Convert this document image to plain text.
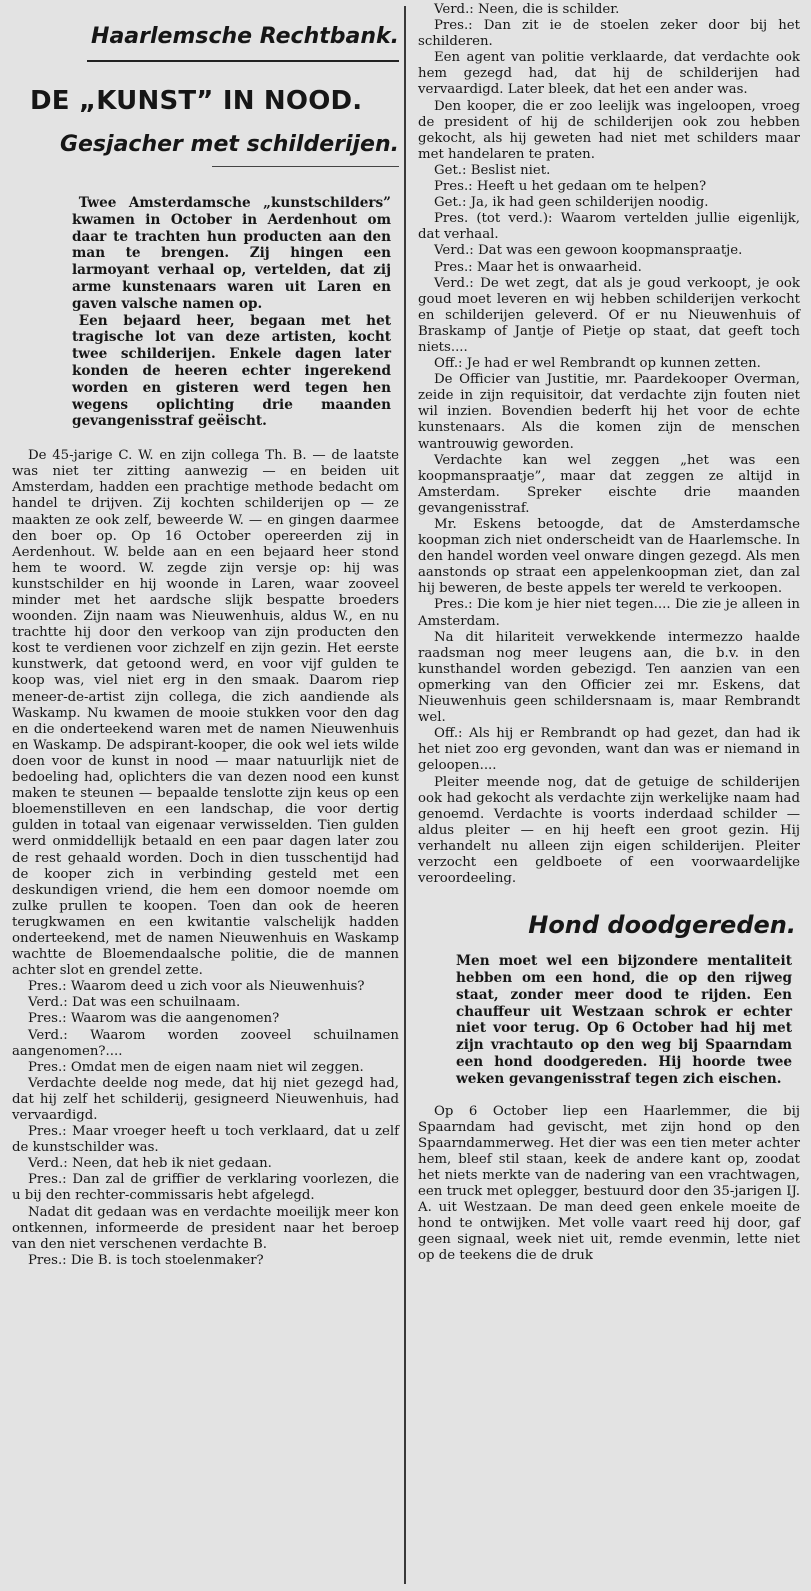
Haarlemsche Rechtbank.
DE „KUNST” IN NOOD.
Gesjacher met schilderijen.

Twee Amsterdamsche „kunstschilders” kwamen in October in Aerdenhout om daar te trachten hun producten aan den man te brengen. Zij hingen een larmoyant verhaal op, vertelden, dat zij arme kunstenaars waren uit Laren en gaven valsche namen op.

Een bejaard heer, begaan met het tragische lot van deze artisten, kocht twee schilderijen. Enkele dagen later konden de heeren echter ingerekend worden en gisteren werd tegen hen wegens oplichting drie maanden gevangenisstraf geëischt.

De 45-jarige C. W. en zijn collega Th. B. — de laatste was niet ter zitting aanwezig — en beiden uit Amsterdam, hadden een prachtige methode bedacht om handel te drijven. Zij kochten schilderijen op — ze maakten ze ook zelf, beweerde W. — en gingen daarmee den boer op. Op 16 October opereerden zij in Aerdenhout. W. belde aan en een bejaard heer stond hem te woord. W. zegde zijn versje op: hij was kunstschilder en hij woonde in Laren, waar zooveel minder met het aardsche slijk bespatte broeders woonden. Zijn naam was Nieuwenhuis, aldus W., en nu trachtte hij door den verkoop van zijn producten den kost te verdienen voor zichzelf en zijn gezin. Het eerste kunstwerk, dat getoond werd, en voor vijf gulden te koop was, viel niet erg in den smaak. Daarom riep meneer-de-artist zijn collega, die zich aandiende als Waskamp. Nu kwamen de mooie stukken voor den dag en die onderteekend waren met de namen Nieuwenhuis en Waskamp. De adspirant-kooper, die ook wel iets wilde doen voor de kunst in nood — maar natuurlijk niet de bedoeling had, oplichters die van dezen nood een kunst maken te steunen — bepaalde tenslotte zijn keus op een bloemenstilleven en een landschap, die voor dertig gulden in totaal van eigenaar verwisselden. Tien gulden werd onmiddellijk betaald en een paar dagen later zou de rest gehaald worden. Doch in dien tusschentijd had de kooper zich in verbinding gesteld met een deskundigen vriend, die hem een domoor noemde om zulke prullen te koopen. Toen dan ook de heeren terugkwamen en een kwitantie valschelijk hadden onderteekend, met de namen Nieuwenhuis en Waskamp wachtte de Bloemendaalsche politie, die de mannen achter slot en grendel zette.

Pres.: Waarom deed u zich voor als Nieuwenhuis?

Verd.: Dat was een schuilnaam.

Pres.: Waarom was die aangenomen?

Verd.: Waarom worden zooveel schuilnamen aangenomen?....

Pres.: Omdat men de eigen naam niet wil zeggen.

Verdachte deelde nog mede, dat hij niet gezegd had, dat hij zelf het schilderij, gesigneerd Nieuwenhuis, had vervaardigd.

Pres.: Maar vroeger heeft u toch verklaard, dat u zelf de kunstschilder was.

Verd.: Neen, dat heb ik niet gedaan.

Pres.: Dan zal de griffier de verklaring voorlezen, die u bij den rechter-commissaris hebt afgelegd.

Nadat dit gedaan was en verdachte moeilijk meer kon ontkennen, informeerde de president naar het beroep van den niet verschenen verdachte B.

Pres.: Die B. is toch stoelenmaker?

Verd.: Neen, die is schilder.

Pres.: Dan zit ie de stoelen zeker door bij het schilderen.

Een agent van politie verklaarde, dat verdachte ook hem gezegd had, dat hij de schilderijen had vervaardigd. Later bleek, dat het een ander was.

Den kooper, die er zoo leelijk was ingeloopen, vroeg de president of hij de schilderijen ook zou hebben gekocht, als hij geweten had niet met schilders maar met handelaren te praten.

Get.: Beslist niet.

Pres.: Heeft u het gedaan om te helpen?

Get.: Ja, ik had geen schilderijen noodig.

Pres. (tot verd.): Waarom vertelden jullie eigenlijk, dat verhaal.

Verd.: Dat was een gewoon koopmanspraatje.

Pres.: Maar het is onwaarheid.

Verd.: De wet zegt, dat als je goud verkoopt, je ook goud moet leveren en wij hebben schilderijen verkocht en schilderijen geleverd. Of er nu Nieuwenhuis of Braskamp of Jantje of Pietje op staat, dat geeft toch niets....

Off.: Je had er wel Rembrandt op kunnen zetten.

De Officier van Justitie, mr. Paardekooper Overman, zeide in zijn requisitoir, dat verdachte zijn fouten niet wil inzien. Bovendien bederft hij het voor de echte kunstenaars. Als die komen zijn de menschen wantrouwig geworden.

Verdachte kan wel zeggen „het was een koopmanspraatje”, maar dat zeggen ze altijd in Amsterdam. Spreker eischte drie maanden gevangenisstraf.

Mr. Eskens betoogde, dat de Amsterdamsche koopman zich niet onderscheidt van de Haarlemsche. In den handel worden veel onware dingen gezegd. Als men aanstonds op straat een appelenkoopman ziet, dan zal hij beweren, de beste appels ter wereld te verkoopen.

Pres.: Die kom je hier niet tegen.... Die zie je alleen in Amsterdam.

Na dit hilariteit verwekkende intermezzo haalde raadsman nog meer leugens aan, die b.v. in den kunsthandel worden gebezigd. Ten aanzien van een opmerking van den Officier zei mr. Eskens, dat Nieuwenhuis geen schildersnaam is, maar Rembrandt wel.

Off.: Als hij er Rembrandt op had gezet, dan had ik het niet zoo erg gevonden, want dan was er niemand in geloopen....

Pleiter meende nog, dat de getuige de schilderijen ook had gekocht als verdachte zijn werkelijke naam had genoemd. Verdachte is voorts inderdaad schilder — aldus pleiter — en hij heeft een groot gezin. Hij verhandelt nu alleen zijn eigen schilderijen. Pleiter verzocht een geldboete of een voorwaardelijke veroordeeling.

Hond doodgereden.
Men moet wel een bijzondere mentaliteit hebben om een hond, die op den rijweg staat, zonder meer dood te rijden. Een chauffeur uit Westzaan schrok er echter niet voor terug. Op 6 October had hij met zijn vrachtauto op den weg bij Spaarndam een hond doodgereden. Hij hoorde twee weken gevangenisstraf tegen zich eischen.

Op 6 October liep een Haarlemmer, die bij Spaarndam had gevischt, met zijn hond op den Spaarndammerweg. Het dier was een tien meter achter hem, bleef stil staan, keek de andere kant op, zoodat het niets merkte van de nadering van een vrachtwagen, een truck met oplegger, bestuurd door den 35-jarigen IJ. A. uit Westzaan. De man deed geen enkele moeite de hond te ontwijken. Met volle vaart reed hij door, gaf geen signaal, week niet uit, remde evenmin, lette niet op de teekens die de druk
